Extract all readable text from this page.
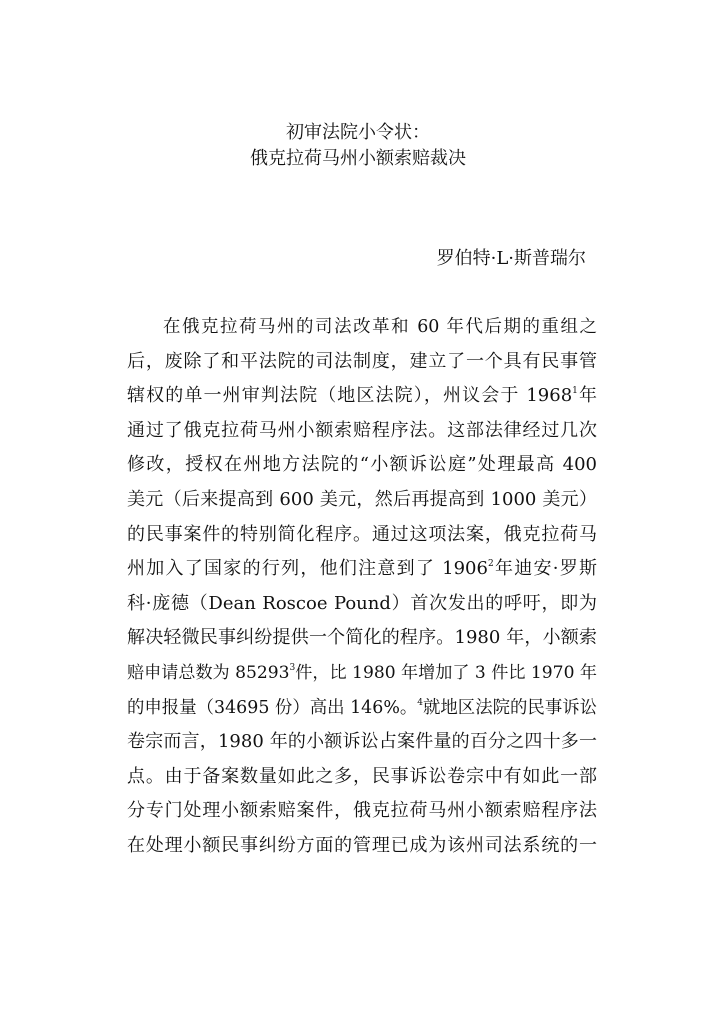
初审法院小令状：
俄克拉荷马州小额索赔裁决
罗伯特·L·斯普瑞尔
在俄克拉荷马州的司法改革和 60 年代后期的重组之
后，废除了和平法院的司法制度，建立了一个具有民事管
辖权的单一州审判法院（地区法院），州议会于 1968$^1$年
通过了俄克拉荷马州小额索赔程序法。这部法律经过几次
修改，授权在州地方法院的“小额诉讼庭”处理最高 400
美元（后来提高到 600 美元，然后再提高到 1000 美元）
的民事案件的特别简化程序。通过这项法案，俄克拉荷马
州加入了国家的行列，他们注意到了 1906$^2$年迪安·罗斯
科·庞德（Dean Roscoe Pound）首次发出的呼吁，即为
解决轻微民事纠纷提供一个简化的程序。1980 年，小额索
赔申请总数为 85293$^3$件，比 1980 年增加了 3 件比 1970 年
的申报量（34695 份）高出 146%。$^4$就地区法院的民事诉讼
卷宗而言，1980 年的小额诉讼占案件量的百分之四十多一
点。由于备案数量如此之多，民事诉讼卷宗中有如此一部
分专门处理小额索赔案件，俄克拉荷马州小额索赔程序法
在处理小额民事纠纷方面的管理已成为该州司法系统的一
